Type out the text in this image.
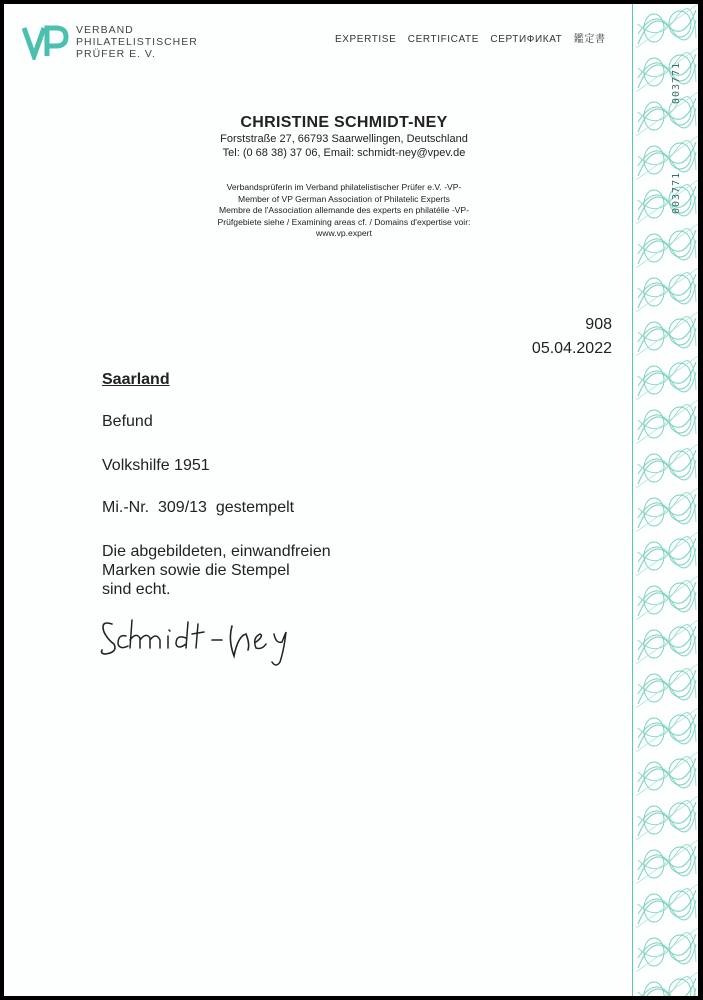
VERBAND
PHILATELISTISCHER
PRÜFER E. V.
EXPERTISE CERTIFICATE СЕРТИФИКАТ 鑑定書
003771
003771
CHRISTINE SCHMIDT-NEY
Forststraße 27, 66793 Saarwellingen, Deutschland
Tel: (0 68 38) 37 06, Email: schmidt-ney@vpev.de
Verbandsprüferin im Verband philatelistischer Prüfer e.V. -VP-
Member of VP German Association of Philatelic Experts
Membre de l'Association allemande des experts en philatélie -VP-
Prüfgebiete siehe / Examining areas cf. / Domains d'expertise voir:
www.vp.expert
908
05.04.2022
Saarland
Befund
Volkshilfe 1951
Mi.-Nr.  309/13  gestempelt
Die abgebildeten, einwandfreien
Marken sowie die Stempel
sind echt.
